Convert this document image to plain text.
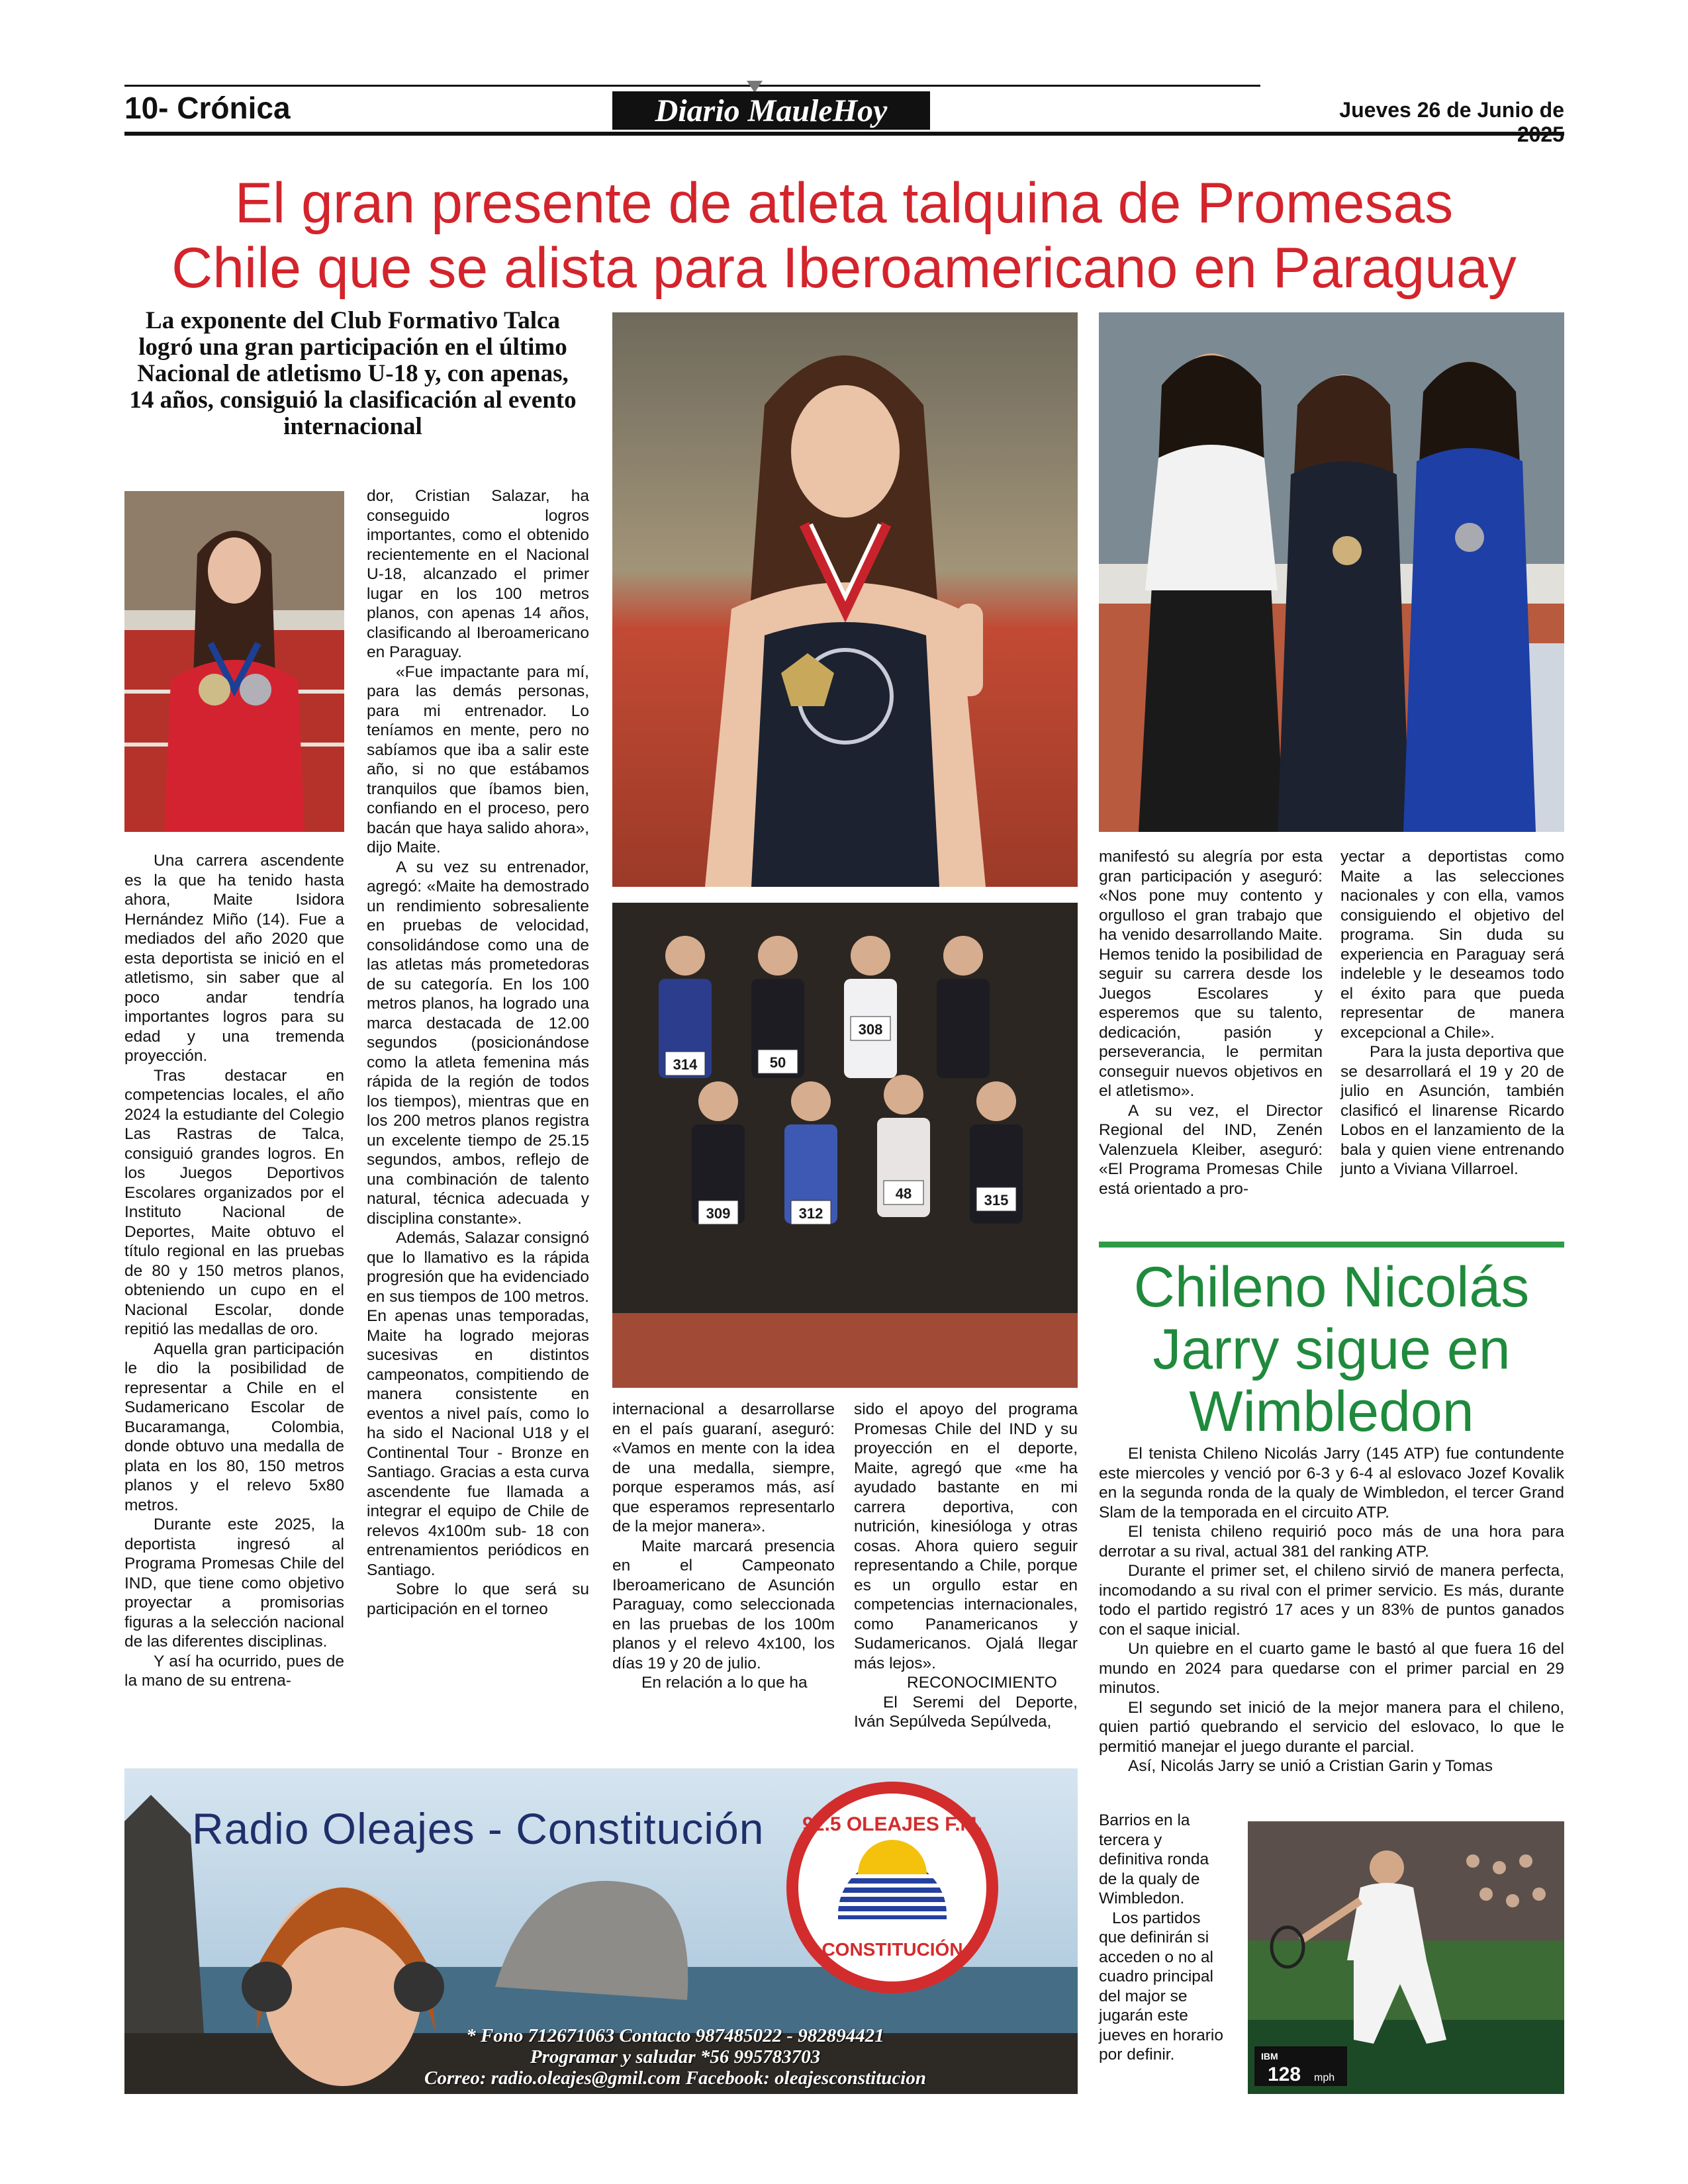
10- Crónica	Diario MauleHoy	Jueves 26 de Junio de
El gran presente de atleta talquina de Promesas
Chile que se alista para Iberoamericano en Paraguay
La exponente del Club Formativo Talca logró una gran participación en el último Nacional de atletismo U-18 y, con apenas, 14 años, consiguió la clasificación al evento internacional
314	50
308
309	312
48	315

Una carrera ascendente es la que ha tenido hasta ahora, Maite Isidora Hernández Miño (14). Fue a mediados del año 2020 que esta deportista se inició en el atletismo, sin saber que al poco andar tendría importantes logros para su edad y una tremenda proyección.

Tras destacar en competencias locales, el año 2024 la estudiante del Colegio Las Rastras de Talca, consiguió grandes logros. En los Juegos Deportivos Escolares organizados por el Instituto Nacional de Deportes, Maite obtuvo el título regional en las pruebas de 80 y 150 metros planos, obteniendo un cupo en el Nacional Escolar, donde repitió las medallas de oro.

Aquella gran participación le dio la posibilidad de representar a Chile en el Sudamericano Escolar de Bucaramanga, Colombia, donde obtuvo una medalla de plata en los 80, 150 metros planos y el relevo 5x80 metros.

Durante este 2025, la deportista ingresó al Programa Promesas Chile del IND, que tiene como objetivo proyectar a promisorias figuras a la selección nacional de las diferentes disciplinas.

Y así ha ocurrido, pues de la mano de su entrena-

dor, Cristian Salazar, ha conseguido logros importantes, como el obtenido recientemente en el Nacional U-18, alcanzado el primer lugar en los 100 metros planos, con apenas 14 años, clasificando al Iberoamericano en Paraguay.

«Fue impactante para mí, para las demás personas, para mi entrenador. Lo teníamos en mente, pero no sabíamos que iba a salir este año, si no que estábamos tranquilos que íbamos bien, confiando en el proceso, pero bacán que haya salido ahora», dijo Maite.

A su vez su entrenador, agregó: «Maite ha demostrado un rendimiento sobresaliente en pruebas de velocidad, consolidándose como una de las atletas más prometedoras de su categoría. En los 100 metros planos, ha logrado una marca destacada de 12.00 segundos (posicionándose como la atleta femenina más rápida de la región de todos los tiempos), mientras que en los 200 metros planos registra un excelente tiempo de 25.15 segundos, ambos, reflejo de una combinación de talento natural, técnica adecuada y disciplina constante».

Además, Salazar consignó que lo llamativo es la rápida progresión que ha evidenciado en sus tiempos de 100 metros. En apenas unas temporadas, Maite ha logrado mejoras sucesivas en distintos campeonatos, compitiendo de manera consistente en eventos a nivel país, como lo ha sido el Nacional U18 y el Continental Tour - Bronze en Santiago. Gracias a esta curva ascendente fue llamada a integrar el equipo de Chile de relevos 4x100m sub- 18 con entrenamientos periódicos en Santiago.

Sobre lo que será su participación en el torneo

internacional a desarrollarse en el país guaraní, aseguró: «Vamos en mente con la idea de una medalla, siempre, porque esperamos más, así que esperamos representarlo de la mejor manera».

Maite marcará presencia en el Campeonato Iberoamericano de Asunción Paraguay, como seleccionada en las pruebas de los 100m planos y el relevo 4x100, los días 19 y 20 de julio.

En relación a lo que ha

sido el apoyo del programa Promesas Chile del IND y su proyección en el deporte, Maite, agregó que «me ha ayudado bastante en mi carrera deportiva, con nutrición, kinesióloga y otras cosas. Ahora quiero seguir representando a Chile, porque es un orgullo estar en competencias internacionales, como Panamericanos y Sudamericanos. Ojalá llegar más lejos».

RECONOCIMIENTO

El Seremi del Deporte, Iván Sepúlveda Sepúlveda,

manifestó su alegría por esta gran participación y aseguró: «Nos pone muy contento y orgulloso el gran trabajo que ha venido desarrollando Maite. Hemos tenido la posibilidad de seguir su carrera desde los Juegos Escolares y esperemos que su talento, dedicación, pasión y perseverancia, le permitan conseguir nuevos objetivos en el atletismo».

A su vez, el Director Regional del IND, Zenén Valenzuela Kleiber, aseguró: «El Programa Promesas Chile está orientado a pro-

yectar a deportistas como Maite a las selecciones nacionales y con ella, vamos consiguiendo el objetivo del programa. Sin duda su experiencia en Paraguay será indeleble y le deseamos todo el éxito para que pueda representar de manera excepcional a Chile».

Para la justa deportiva que se desarrollará el 19 y 20 de julio en Asunción, también clasificó el linarense Ricardo Lobos en el lanzamiento de la bala y quien viene entrenando junto a Viviana Villarroel.

Chileno Nicolás Jarry sigue en Wimbledon

El tenista Chileno Nicolás Jarry (145 ATP) fue contundente este miercoles y venció por 6-3 y 6-4 al eslovaco Jozef Kovalik en la segunda ronda de la qualy de Wimbledon, el tercer Grand Slam de la temporada en el circuito ATP.

El tenista chileno requirió poco más de una hora para derrotar a su rival, actual 381 del ranking ATP.

Durante el primer set, el chileno sirvió de manera perfecta, incomodando a su rival con el primer servicio. Es más, durante todo el partido registró 17 aces y un 83% de puntos ganados con el saque inicial.

Un quiebre en el cuarto game le bastó al que fuera 16 del mundo en 2024 para quedarse con el primer parcial en 29 minutos.

El segundo set inició de la mejor manera para el chileno, quien partió quebrando el servicio del eslovaco, lo que le permitió manejar el juego durante el parcial.

Así, Nicolás Jarry se unió a Cristian Garin y Tomas

Barrios en la tercera y definitiva ronda de la qualy de Wimbledon.

Los partidos que definirán si acceden o no al cuadro principal del major se jugarán este jueves en horario por definir.	IBM
128 mph
92.5 OLEAJES F.M.
CONSTITUCIÓN
Radio Oleajes - Constitución
* Fono 712671063 Contacto 987485022 - 982894421
Programar y saludar *56 995783703
Correo: radio.oleajes@gmil.com Facebook: oleajesconstitucion
